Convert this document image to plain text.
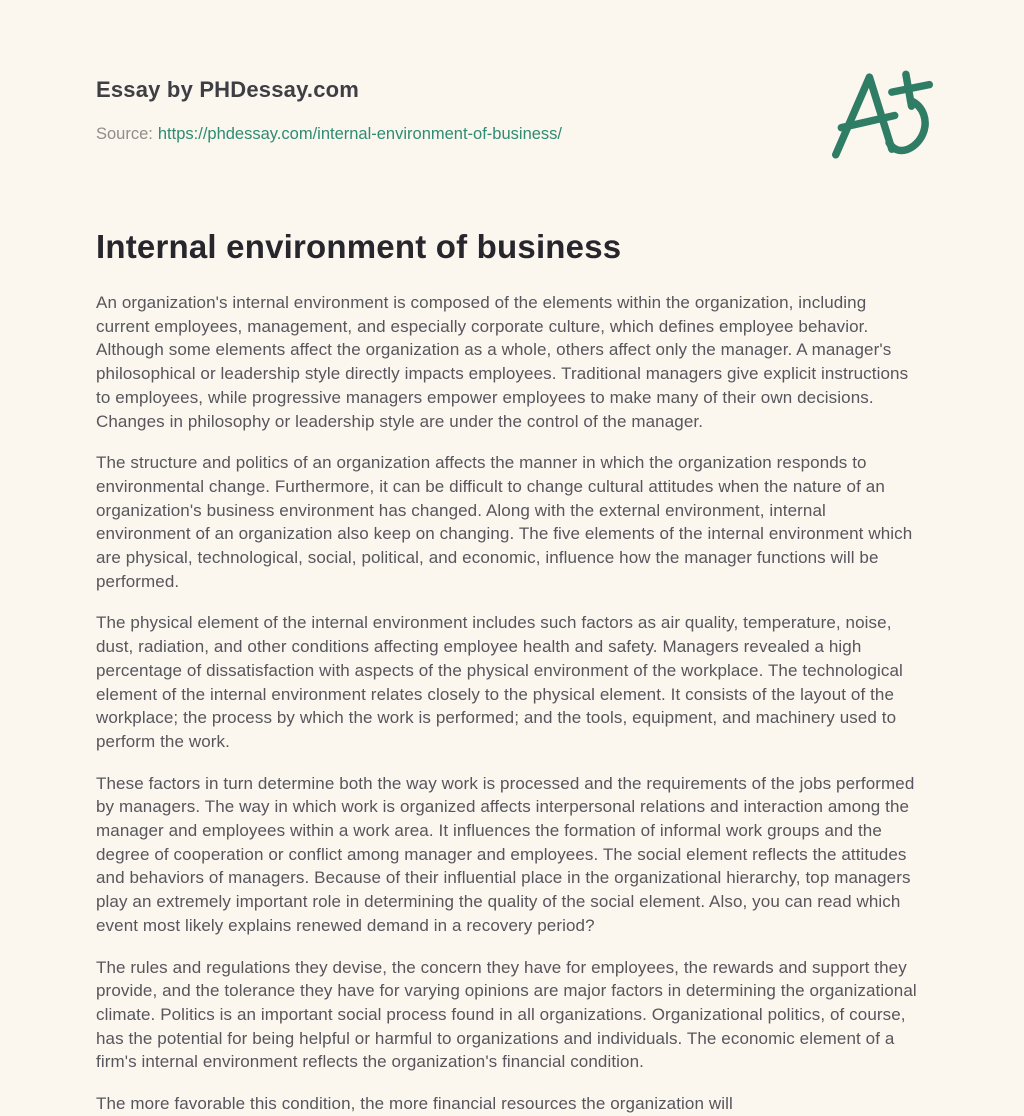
Essay by PHDessay.com
Source: https://phdessay.com/internal-environment-of-business/
Internal environment of business

An organization's internal environment is composed of the elements within the organization, including current employees, management, and especially corporate culture, which defines employee behavior. Although some elements affect the organization as a whole, others affect only the manager. A manager's philosophical or leadership style directly impacts employees. Traditional managers give explicit instructions to employees, while progressive managers empower employees to make many of their own decisions. Changes in philosophy or leadership style are under the control of the manager.

The structure and politics of an organization affects the manner in which the organization responds to environmental change. Furthermore, it can be difficult to change cultural attitudes when the nature of an organization's business environment has changed. Along with the external environment, internal environment of an organization also keep on changing. The five elements of the internal environment which are physical, technological, social, political, and economic, influence how the manager functions will be performed.

The physical element of the internal environment includes such factors as air quality, temperature, noise, dust, radiation, and other conditions affecting employee health and safety. Managers revealed a high percentage of dissatisfaction with aspects of the physical environment of the workplace. The technological element of the internal environment relates closely to the physical element. It consists of the layout of the workplace; the process by which the work is performed; and the tools, equipment, and machinery used to perform the work.

These factors in turn determine both the way work is processed and the requirements of the jobs performed by managers. The way in which work is organized affects interpersonal relations and interaction among the manager and employees within a work area. It influences the formation of informal work groups and the degree of cooperation or conflict among manager and employees. The social element reflects the attitudes and behaviors of managers. Because of their influential place in the organizational hierarchy, top managers play an extremely important role in determining the quality of the social element. Also, you can read which event most likely explains renewed demand in a recovery period?

The rules and regulations they devise, the concern they have for employees, the rewards and support they provide, and the tolerance they have for varying opinions are major factors in determining the organizational climate. Politics is an important social process found in all organizations. Organizational politics, of course, has the potential for being helpful or harmful to organizations and individuals. The economic element of a firm's internal environment reflects the organization's financial condition.

The more favorable this condition, the more financial resources the organization will
